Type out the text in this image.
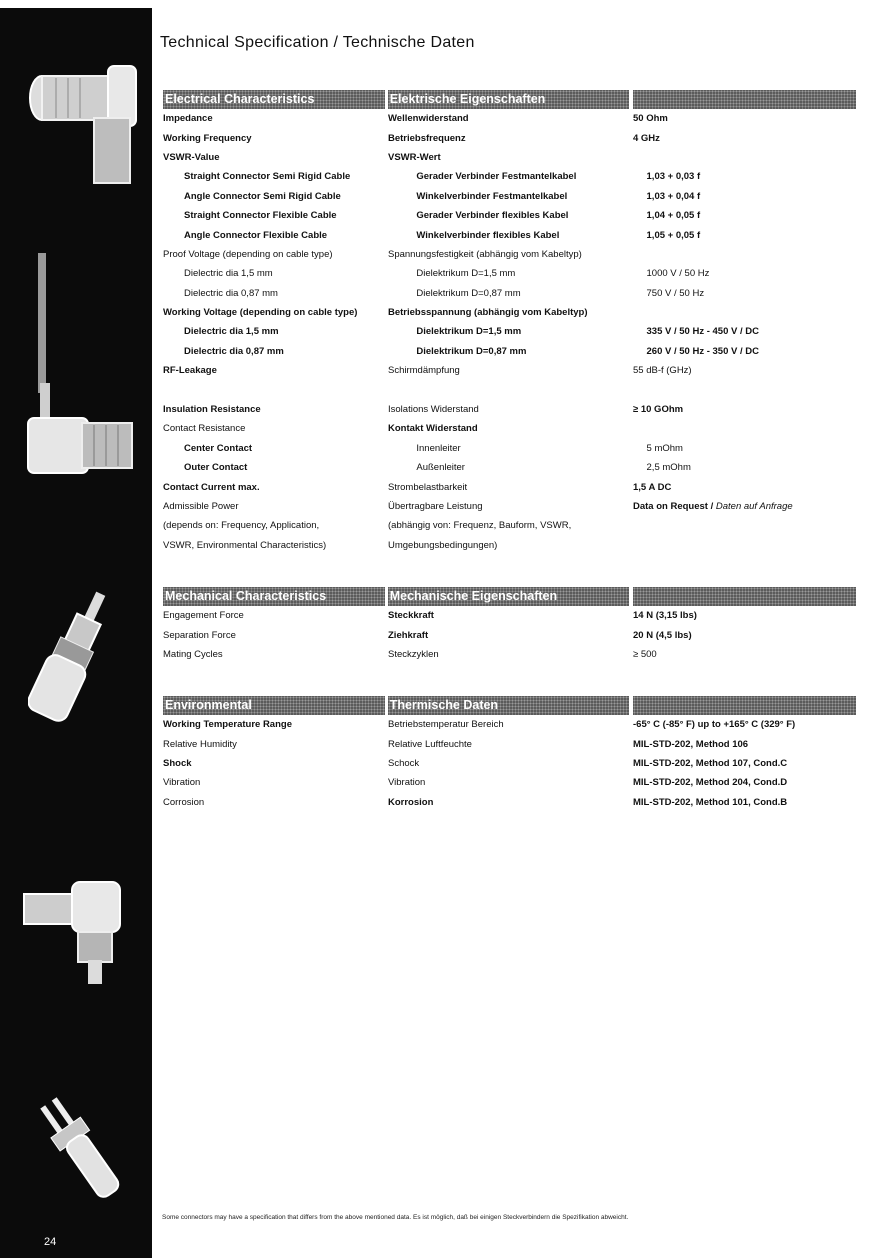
24
Technical Specification / Technische Daten
Electrical Characteristics	Elektrische Eigenschaften
Impedance	Wellenwiderstand	50 Ohm
Working Frequency	Betriebsfrequenz	4 GHz
VSWR-Value	VSWR-Wert
Straight Connector Semi Rigid Cable	Gerader Verbinder Festmantelkabel	1,03 + 0,03 f
Angle Connector Semi Rigid Cable	Winkelverbinder Festmantelkabel	1,03 + 0,04 f
Straight Connector Flexible Cable	Gerader Verbinder flexibles Kabel	1,04 + 0,05 f
Angle Connector Flexible Cable	Winkelverbinder flexibles Kabel	1,05 + 0,05 f
Proof Voltage (depending on cable type)	Spannungsfestigkeit (abhängig vom Kabeltyp)
Dielectric dia 1,5 mm	Dielektrikum D=1,5 mm	1000 V / 50 Hz
Dielectric dia 0,87 mm	Dielektrikum D=0,87 mm	750 V / 50 Hz
Working Voltage (depending on cable type)	Betriebsspannung (abhängig vom Kabeltyp)
Dielectric dia 1,5 mm	Dielektrikum D=1,5 mm	335 V / 50 Hz - 450 V / DC
Dielectric dia 0,87 mm	Dielektrikum D=0,87 mm	260 V / 50 Hz - 350 V / DC
RF-Leakage	Schirmdämpfung	55 dB-f (GHz)
Insulation Resistance	Isolations Widerstand	≥ 10 GOhm
Contact Resistance	Kontakt Widerstand
Center Contact	Innenleiter	5 mOhm
Outer Contact	Außenleiter	2,5 mOhm
Contact Current max.	Strombelastbarkeit	1,5 A DC
Admissible Power	Übertragbare Leistung	Data on Request / Daten auf Anfrage
(depends on: Frequency, Application,	(abhängig von: Frequenz, Bauform, VSWR,
VSWR, Environmental Characteristics)	Umgebungsbedingungen)
Mechanical Characteristics	Mechanische Eigenschaften
Engagement Force	Steckkraft	14 N (3,15 lbs)
Separation Force	Ziehkraft	20 N (4,5 lbs)
Mating Cycles	Steckzyklen	≥ 500
Environmental	Thermische Daten
Working Temperature Range	Betriebstemperatur Bereich	-65° C (-85° F) up to +165° C (329° F)
Relative Humidity	Relative Luftfeuchte	MIL-STD-202, Method 106
Shock	Schock	MIL-STD-202, Method 107, Cond.C
Vibration	Vibration	MIL-STD-202, Method 204, Cond.D
Corrosion	Korrosion	MIL-STD-202, Method 101, Cond.B
Some connectors may have a specification that differs from the above mentioned data. Es ist möglich, daß bei einigen Steckverbindern die Spezifikation abweicht.
